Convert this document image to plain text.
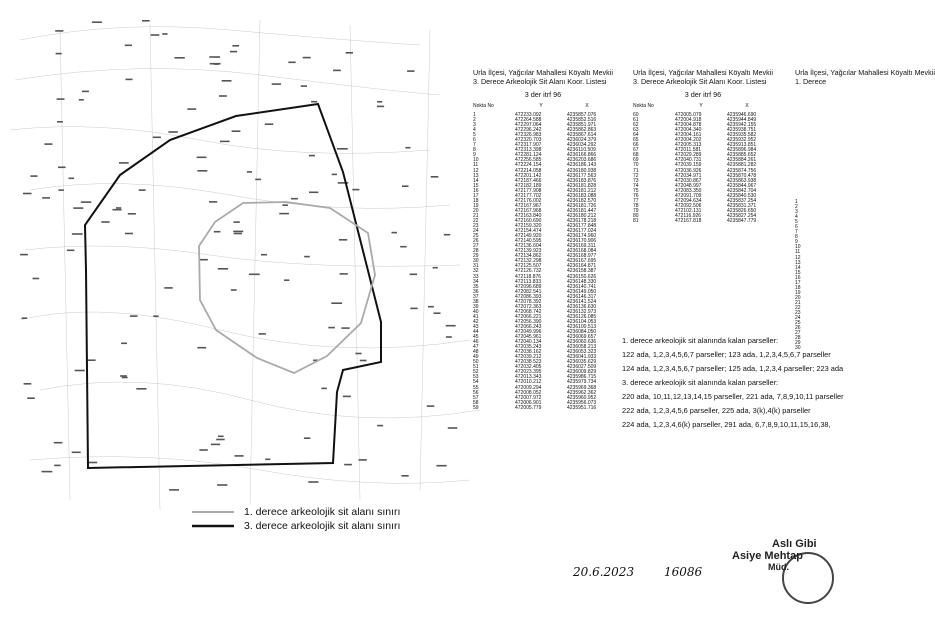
1. derece arkeolojik sit alanı sınırı
3. derece arkeolojik sit alanı sınırı
Urla İlçesi, Yağcılar Mahallesi Köyaltı Mevkii
3. Derece Arkeolojik Sit Alanı Koor. Listesi
3 der itrf 96
Nokta No	Y	X
1	472233.092	4235857.076
2	472264.588	4235852.516
3	472297.064	4235851.971
4	472296.242	4235862.863
5	472326.983	4235867.614
6	472320.703	4236024.379
7	472317.907	4236034.292
8	472313.398	4236110.509
9	472281.124	4236166.866
10	472256.585	4236203.686
11	472224.154	4236186.143
12	472214.058	4236180.938
13	472201.142	4236177.563
14	472187.466	4236183.876
15	472182.189	4236181.828
16	472177.908	4236181.212
17	472177.702	4236183.088
18	472176.002	4236182.570
19	472167.967	4236181.726
20	472167.968	4236181.447
21	472163.840	4236180.212
22	472160.690	4236178.218
23	472159.320	4236177.848
24	472154.474	4236177.024
25	472149.920	4236174.960
26	472140.595	4236170.906
27	472136.604	4236169.311
28	472139.923	4236168.084
29	472134.862	4236168.977
30	472132.298	4236167.695
31	472125.507	4236164.871
32	472126.732	4236158.387
33	472118.876	4236150.626
34	472113.833	4236148.330
35	472096.689	4236140.741
36	472082.541	4236149.050
37	472086.393	4236146.317
38	472078.392	4236141.524
39	472072.363	4236136.630
40	472068.742	4236132.973
41	472066.221	4236126.085
42	472056.390	4236104.053
43	472066.243	4236100.513
44	472049.996	4236084.050
45	472045.961	4236069.657
46	472040.134	4236060.636
47	472035.243	4236058.213
48	472038.162	4236053.323
49	472039.212	4236041.933
50	472038.523	4236035.629
51	472032.405	4236027.509
52	472023.395	4236009.829
53	472013.343	4235986.715
54	472010.212	4235979.734
55	472009.294	4235969.368
56	472008.052	4235962.362
57	472007.972	4235960.952
58	472006.901	4235956.073
59	472005.779	4235951.716
Urla İlçesi, Yağcılar Mahallesi Köyaltı Mevkii
3. Derece Arkeolojik Sit Alanı Koor. Listesi
3 der itrf 96
Nokta No	Y	X
60	472005.079	4235946.690
61	472004.918	4235944.849
62	472004.878	4235942.155
63	472004.340	4235938.751
64	472004.161	4235935.582
65	472004.202	4235932.952
66	472005.313	4235913.851
67	472011.581	4235896.984
68	472029.289	4235885.652
69	472040.731	4235884.261
70	472039.159	4235881.282
71	472036.926	4235874.756
72	472034.971	4235870.478
73	472030.867	4235863.938
74	472048.997	4235844.967
75	472083.350	4235842.704
76	472091.709	4235840.530
77	472094.634	4235837.254
78	472092.506	4235831.371
79	472102.131	4235826.650
80	472116.926	4235827.254
81	472167.818	4235847.779
Urla İlçesi, Yağcılar Mahallesi Köyaltı Mevkii
1. Derece
1		
2		
3		
4		
5		
6		
7		
8		
9		
10		
11		
12		
13		
14		
15		
16		
17		
18		
19		
20		
21		
22		
23		
24		
25		
26		
27		
28		
29		
30		
1. derece arkeolojik sit alanında kalan parseller:
122 ada, 1,2,3,4,5,6,7 parseller; 123 ada, 1,2,3,4,5,6,7 parseller
124 ada, 1,2,3,4,5,6,7 parseller; 125 ada, 1,2,3,4 parseller; 223 ada
3. derece arkeolojik sit alanında kalan parseller:
220 ada, 10,11,12,13,14,15 parseller, 221 ada, 7,8,9,10,11 parseller
222 ada, 1,2,3,4,5,6 parseller, 225 ada, 3(k),4(k) parseller
224 ada, 1,2,3,4,6(k) parseller, 291 ada, 6,7,8,9,10,11,15,16,38,
20.6.2023 16086
Aslı Gibi
Asiye Mehtap
Müd.
